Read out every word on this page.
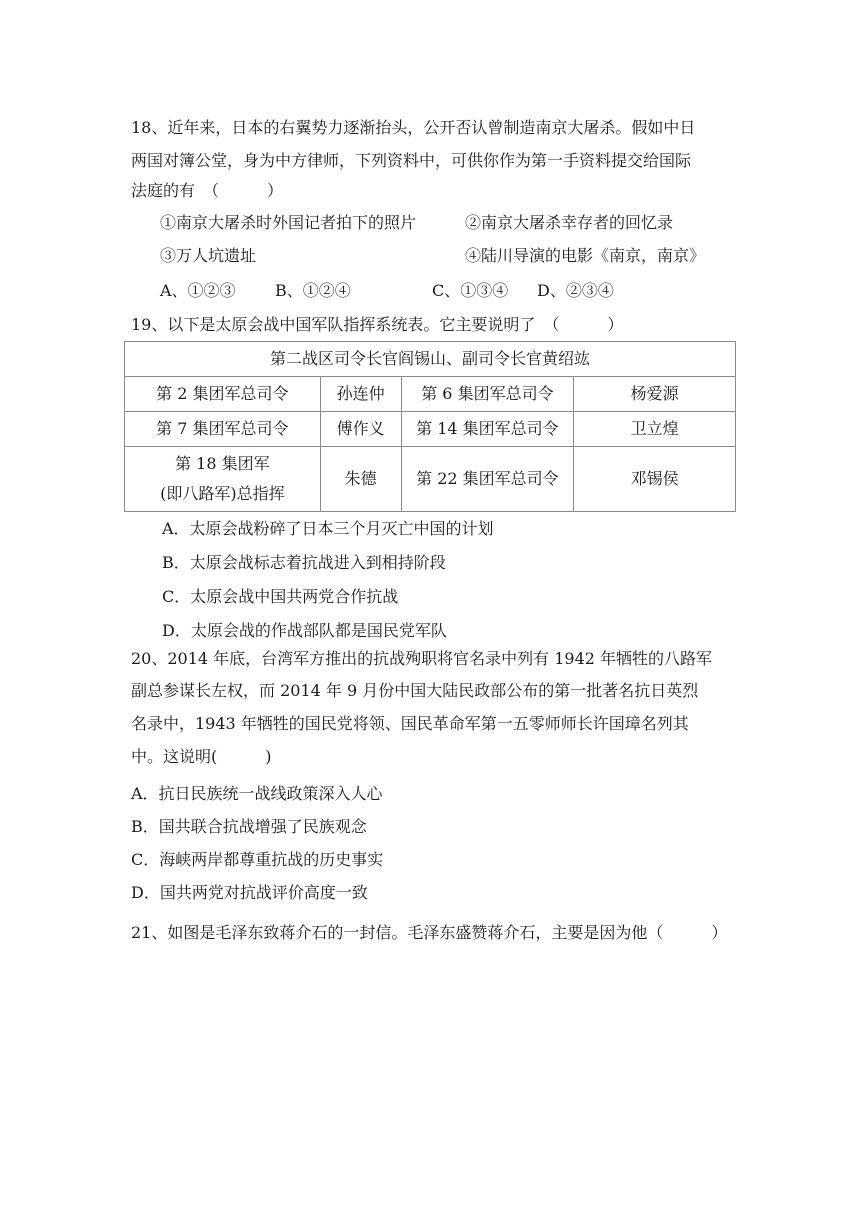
18、近年来，日本的右翼势力逐渐抬头，公开否认曾制造南京大屠杀。假如中日
两国对簿公堂，身为中方律师，下列资料中，可供你作为第一手资料提交给国际
法庭的有　（　　　）
①南京大屠杀时外国记者拍下的照片	②南京大屠杀幸存者的回忆录
③万人坑遗址	④陆川导演的电影《南京，南京》
A、①②③ B、①②④	C、①③④ D、②③④
19、以下是太原会战中国军队指挥系统表。它主要说明了　（　　　）
第二战区司令长官阎锡山、副司令长官黄绍竑			
第 2 集团军总司令	孙连仲	第 6 集团军总司令	杨爱源
第 7 集团军总司令	傅作义	第 14 集团军总司令	卫立煌

第 18 集团军
(即八路军)总指挥	朱德	第 22 集团军总司令	邓锡侯
A．太原会战粉碎了日本三个月灭亡中国的计划
B．太原会战标志着抗战进入到相持阶段
C．太原会战中国共两党合作抗战
D．太原会战的作战部队都是国民党军队
20、2014 年底，台湾军方推出的抗战殉职将官名录中列有 1942 年牺牲的八路军
副总参谋长左权，而 2014 年 9 月份中国大陆民政部公布的第一批著名抗日英烈
名录中，1943 年牺牲的国民党将领、国民革命军第一五零师师长许国璋名列其
中。这说明(　　　)
A．抗日民族统一战线政策深入人心
B．国共联合抗战增强了民族观念
C．海峡两岸都尊重抗战的历史事实
D．国共两党对抗战评价高度一致
21、如图是毛泽东致蒋介石的一封信。毛泽东盛赞蒋介石，主要是因为他（　　　）
